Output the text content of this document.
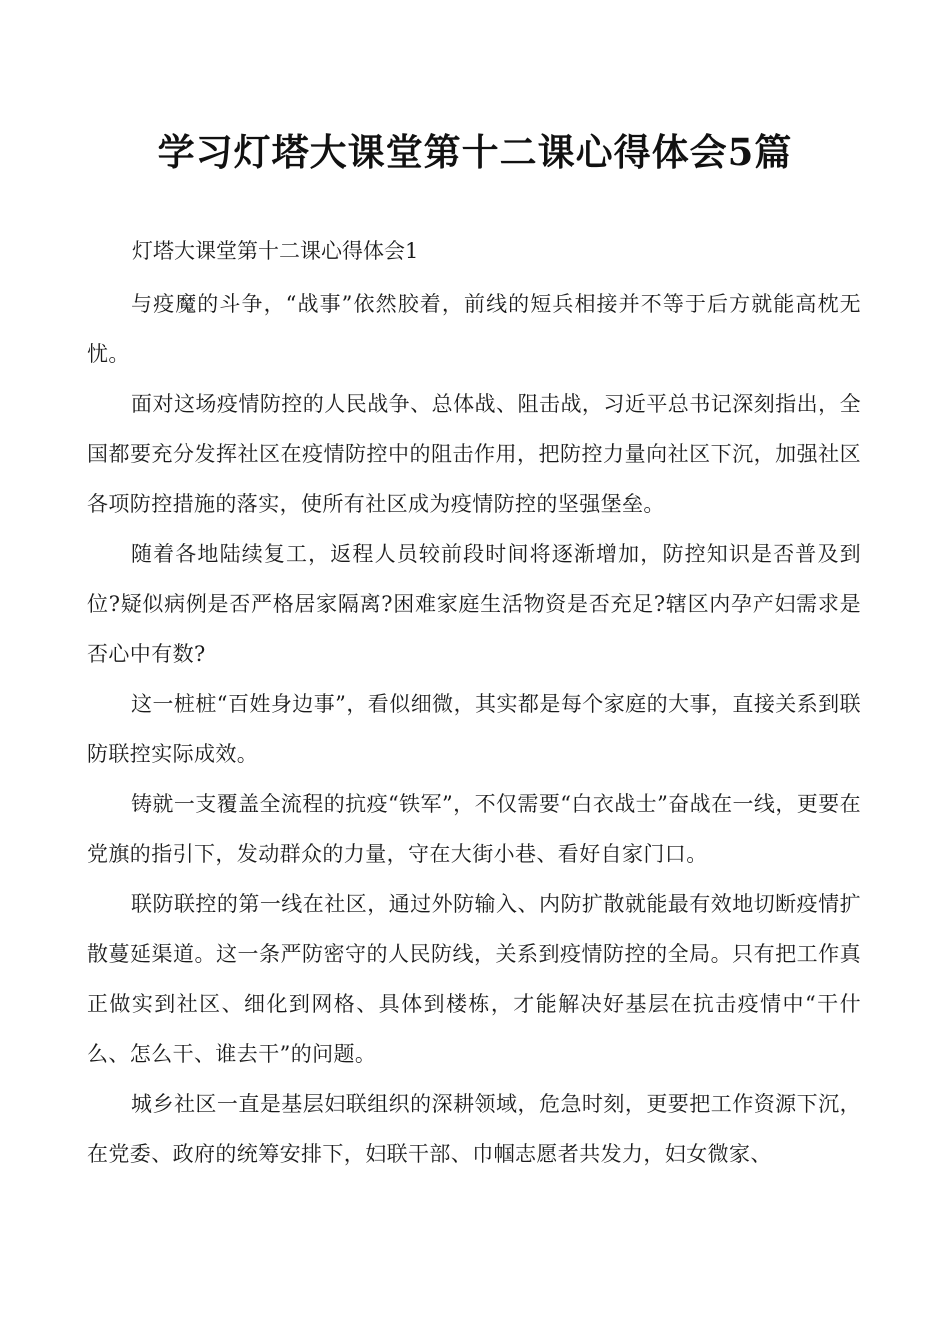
学习灯塔大课堂第十二课心得体会5篇

灯塔大课堂第十二课心得体会1

与疫魔的斗争，“战事”依然胶着，前线的短兵相接并不等于后方就能高枕无忧。

面对这场疫情防控的人民战争、总体战、阻击战，习近平总书记深刻指出，全国都要充分发挥社区在疫情防控中的阻击作用，把防控力量向社区下沉，加强社区各项防控措施的落实，使所有社区成为疫情防控的坚强堡垒。

随着各地陆续复工，返程人员较前段时间将逐渐增加，防控知识是否普及到位?疑似病例是否严格居家隔离?困难家庭生活物资是否充足?辖区内孕产妇需求是否心中有数?

这一桩桩“百姓身边事”，看似细微，其实都是每个家庭的大事，直接关系到联防联控实际成效。

铸就一支覆盖全流程的抗疫“铁军”，不仅需要“白衣战士”奋战在一线，更要在党旗的指引下，发动群众的力量，守在大街小巷、看好自家门口。

联防联控的第一线在社区，通过外防输入、内防扩散就能最有效地切断疫情扩散蔓延渠道。这一条严防密守的人民防线，关系到疫情防控的全局。只有把工作真正做实到社区、细化到网格、具体到楼栋，才能解决好基层在抗击疫情中“干什么、怎么干、谁去干”的问题。

城乡社区一直是基层妇联组织的深耕领域，危急时刻，更要把工作资源下沉，在党委、政府的统筹安排下，妇联干部、巾帼志愿者共发力，妇女微家、
